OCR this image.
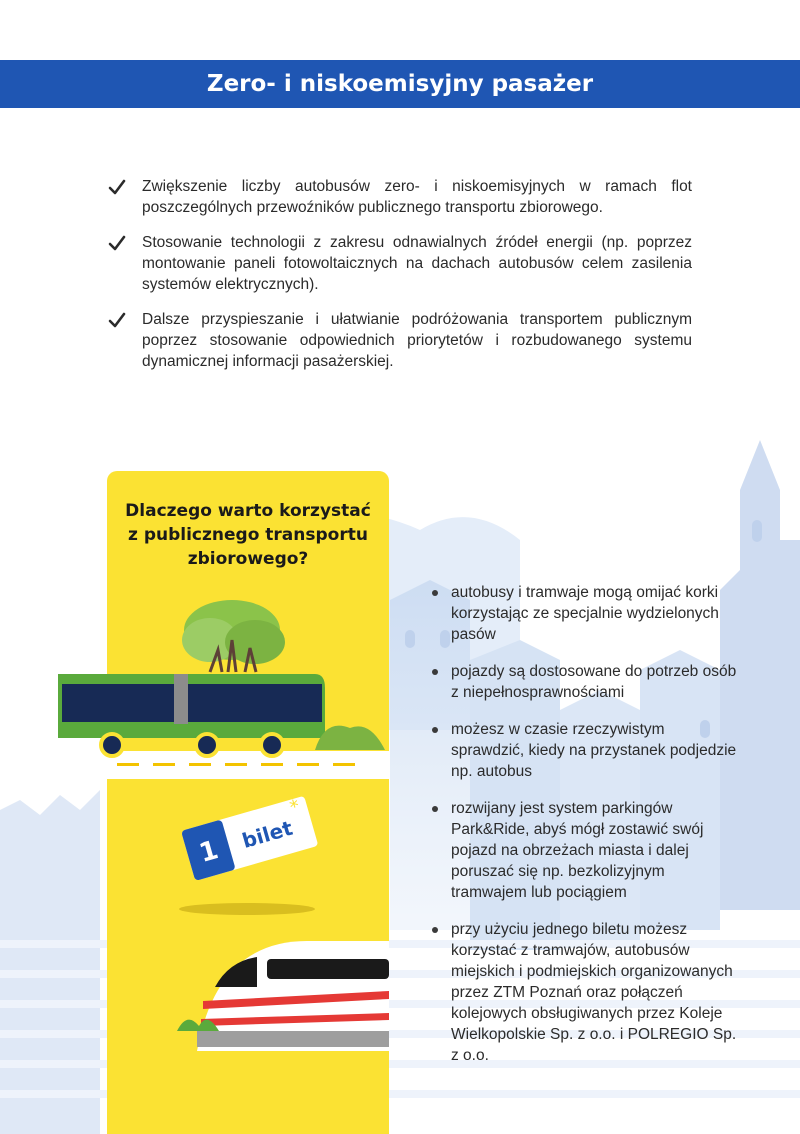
Zero- i niskoemisyjny pasażer
Zwiększenie liczby autobusów zero- i niskoemisyjnych w ramach flot poszczególnych przewoźników publicznego transportu zbiorowego.
Stosowanie technologii z zakresu odnawialnych źródeł energii (np. poprzez montowanie paneli fotowoltaicznych na dachach autobusów celem zasilenia systemów elektrycznych).
Dalsze przyspieszanie i ułatwianie podróżowania transportem publicznym poprzez stosowanie odpowiednich priorytetów i rozbudowanego systemu dynamicznej informacji pasażerskiej.
1 bilet
*
Dlaczego warto korzystać z publicznego transportu zbiorowego?
autobusy i tramwaje mogą omijać korki korzystając ze specjalnie wydzielonych pasów
pojazdy są dostosowane do potrzeb osób z niepełnosprawnościami
możesz w czasie rzeczywistym sprawdzić, kiedy na przystanek podjedzie np. autobus
rozwijany jest system parkingów Park&Ride, abyś mógł zostawić swój pojazd na obrzeżach miasta i dalej poruszać się np. bezkolizyjnym tramwajem lub pociągiem
przy użyciu jednego biletu możesz korzystać z tramwajów, autobusów miejskich i podmiejskich organizowanych przez ZTM Poznań oraz połączeń kolejowych obsługiwanych przez Koleje Wielkopolskie Sp. z o.o. i POLREGIO Sp. z o.o.
